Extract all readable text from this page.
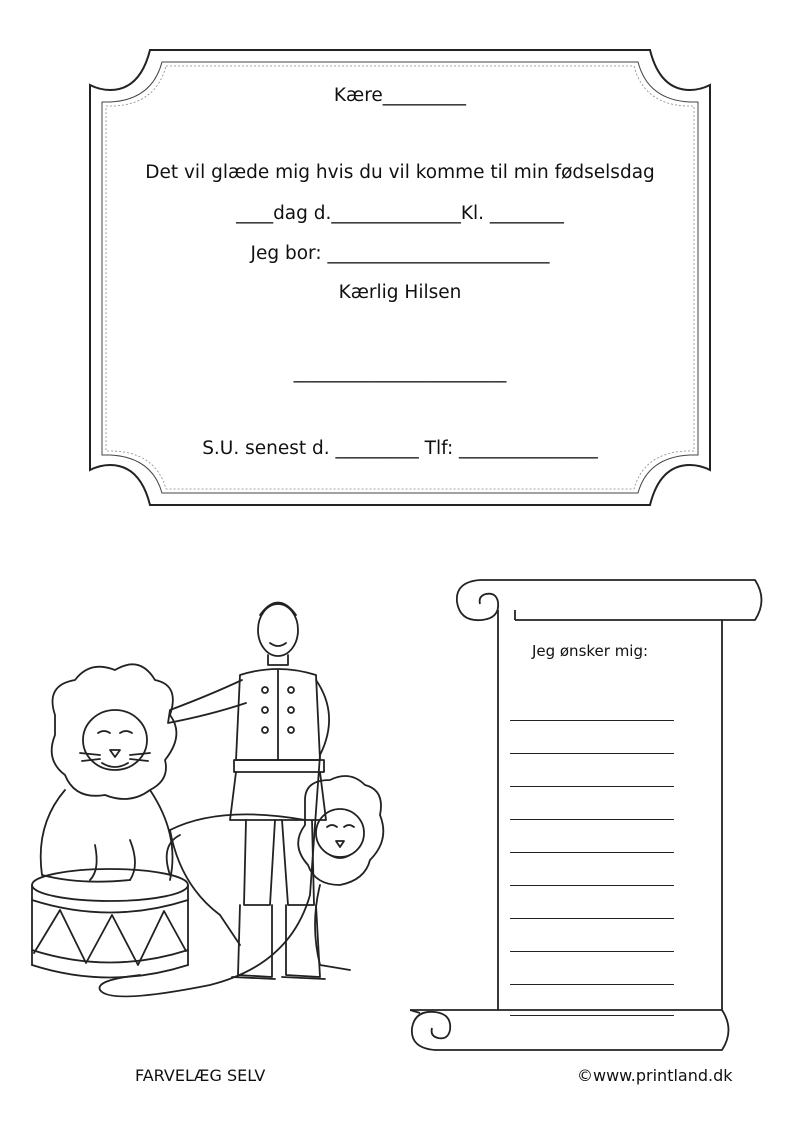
Kære_________
Det vil glæde mig hvis du vil komme til min fødselsdag
____dag d.______________Kl. ________
Jeg bor: ________________________
Kærlig Hilsen
_______________________
S.U. senest d. _________ Tlf: _______________
Jeg ønsker mig:
FARVELÆG SELV	©www.printland.dk
